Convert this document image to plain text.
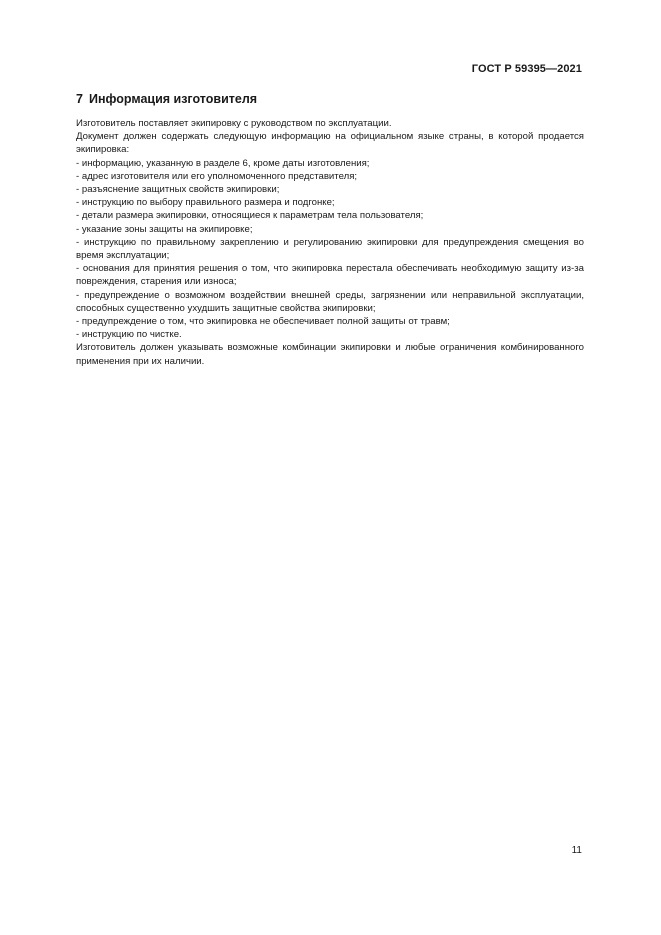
ГОСТ Р 59395—2021
7 Информация изготовителя

Изготовитель поставляет экипировку с руководством по эксплуатации.

Документ должен содержать следующую информацию на официальном языке страны, в которой продается экипировка:

- информацию, указанную в разделе 6, кроме даты изготовления;

- адрес изготовителя или его уполномоченного представителя;

- разъяснение защитных свойств экипировки;

- инструкцию по выбору правильного размера и подгонке;

- детали размера экипировки, относящиеся к параметрам тела пользователя;

- указание зоны защиты на экипировке;

- инструкцию по правильному закреплению и регулированию экипировки для предупреждения смещения во время эксплуатации;

- основания для принятия решения о том, что экипировка перестала обеспечивать необходимую защиту из-за повреждения, старения или износа;

- предупреждение о возможном воздействии внешней среды, загрязнении или неправильной эксплуатации, способных существенно ухудшить защитные свойства экипировки;

- предупреждение о том, что экипировка не обеспечивает полной защиты от травм;

- инструкцию по чистке.

Изготовитель должен указывать возможные комбинации экипировки и любые ограничения комбинированного применения при их наличии.

11
